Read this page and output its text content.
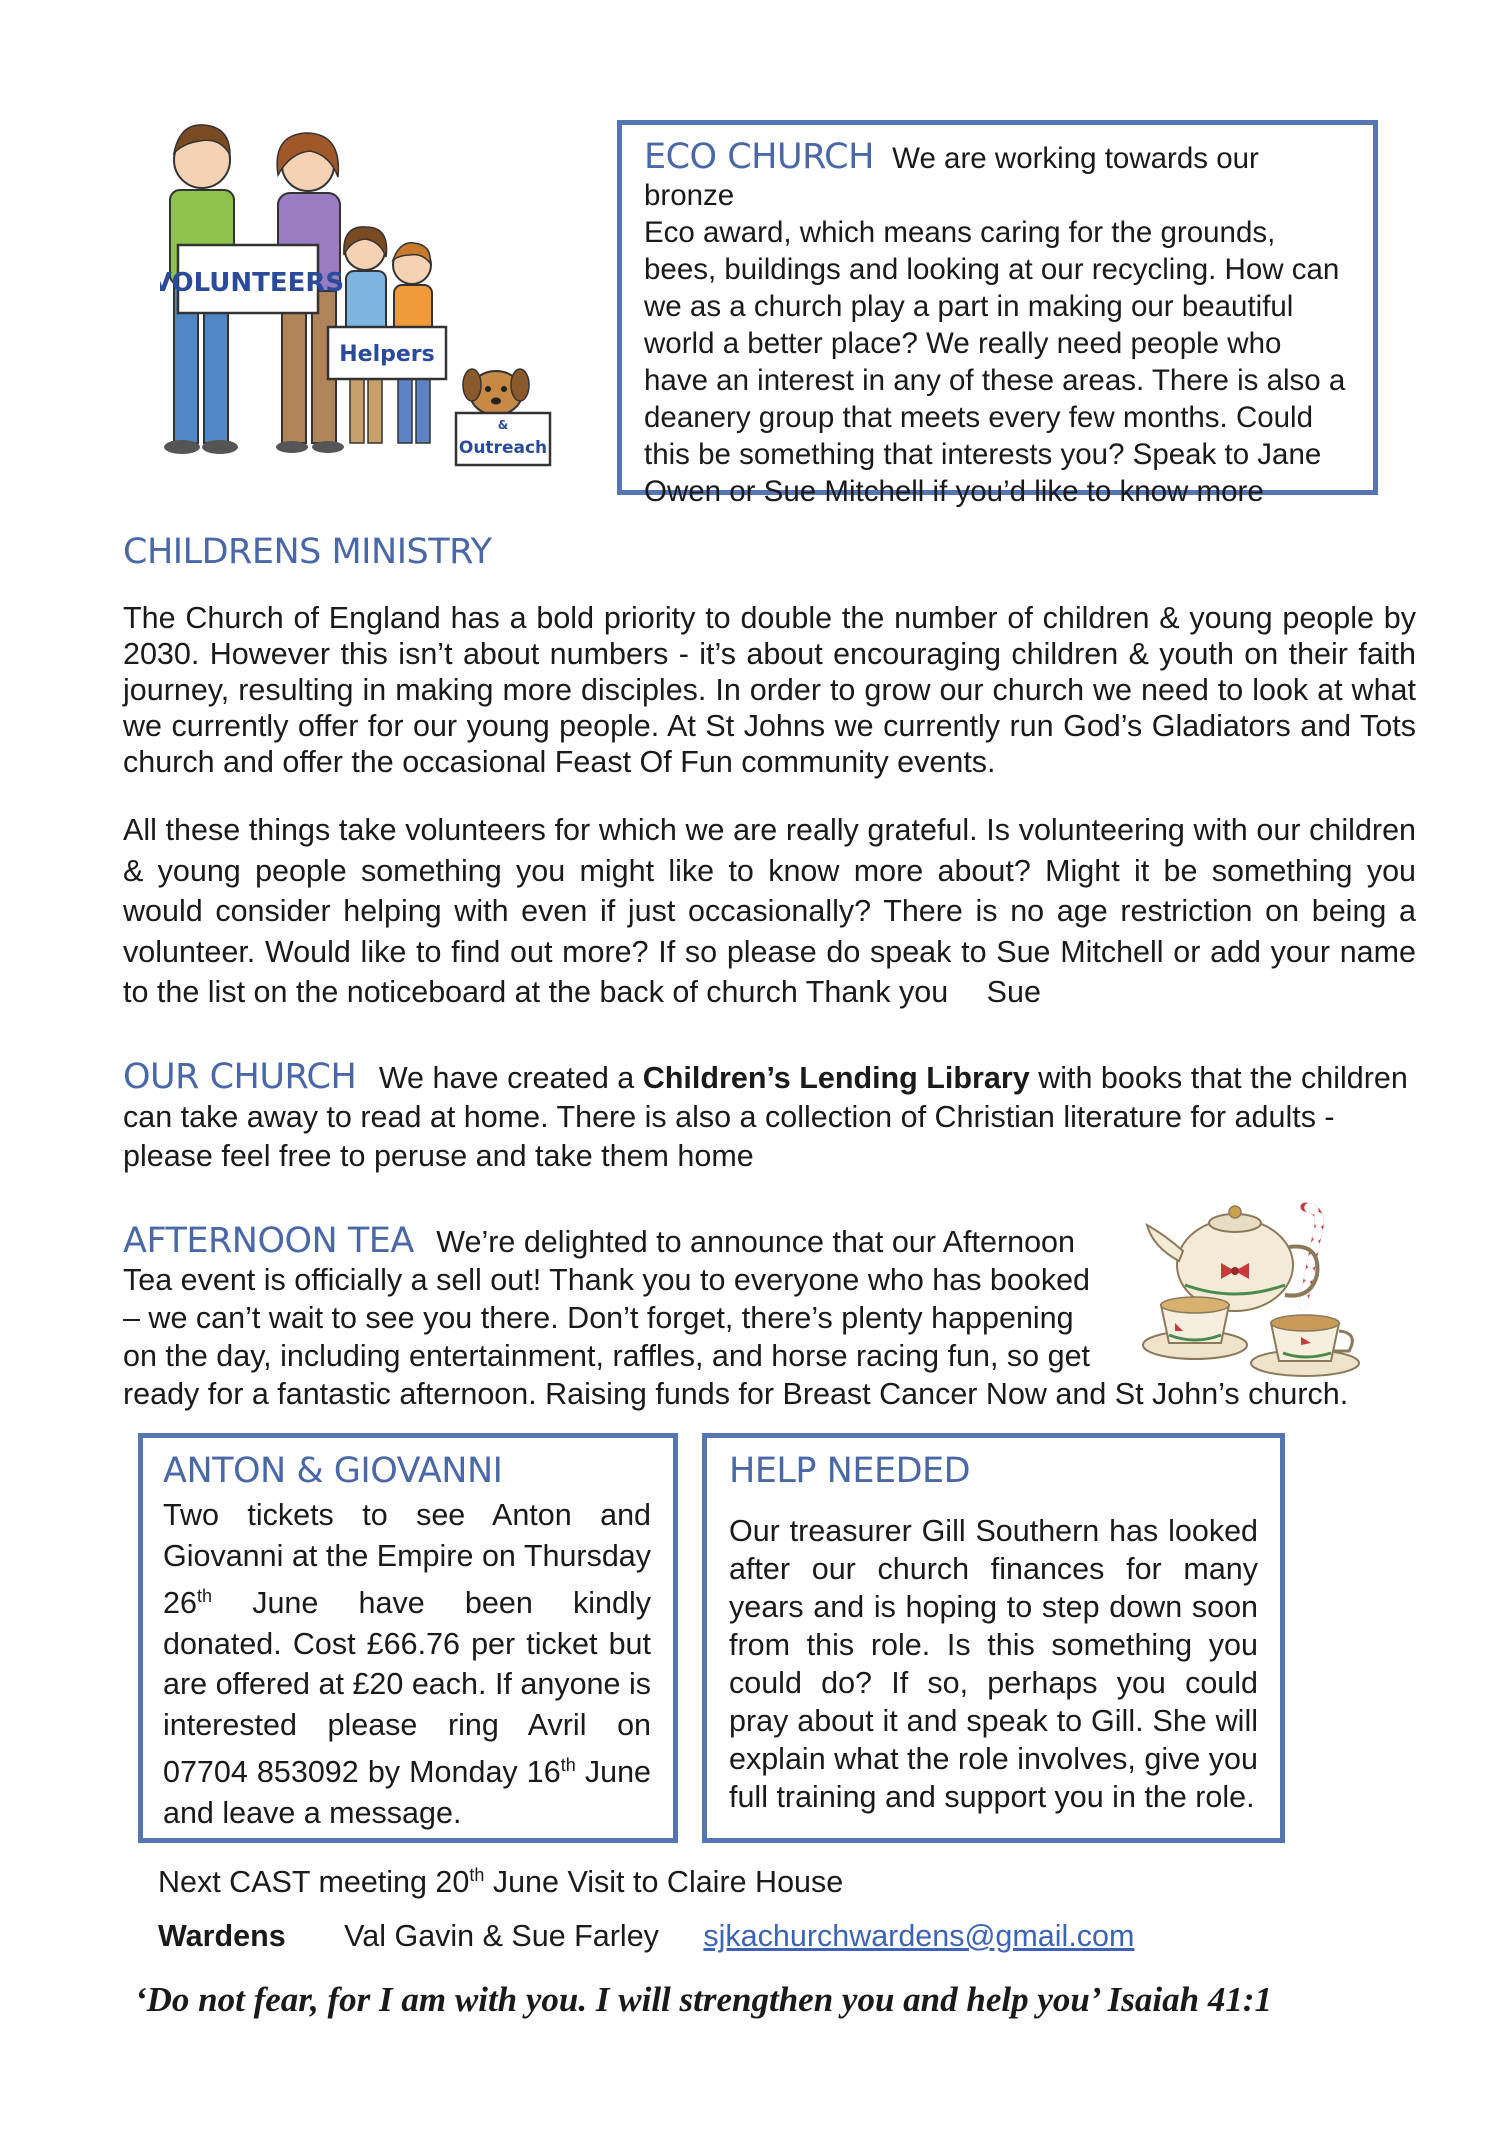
VOLUNTEERS
Helpers
&
Outreach

ECO CHURCH We are working towards our bronze
Eco award, which means caring for the grounds, bees, buildings and looking at our recycling. How can we as a church play a part in making our beautiful world a better place? We really need people who have an interest in any of these areas. There is also a deanery group that meets every few months. Could this be something that interests you? Speak to Jane Owen or Sue Mitchell if you’d like to know more

CHILDRENS MINISTRY

The Church of England has a bold priority to double the number of children & young people by 2030. However this isn’t about numbers - it’s about encouraging children & youth on their faith journey, resulting in making more disciples. In order to grow our church we need to look at what we currently offer for our young people. At St Johns we currently run God’s Gladiators and Tots church and offer the occasional Feast Of Fun community events.

All these things take volunteers for which we are really grateful. Is volunteering with our children & young people something you might like to know more about? Might it be something you would consider helping with even if just occasionally? There is no age restriction on being a volunteer. Would like to find out more? If so please do speak to Sue Mitchell or add your name to the list on the noticeboard at the back of church Thank you Sue

OUR CHURCH We have created a Children’s Lending Library with books that the children can take away to read at home. There is also a collection of Christian literature for adults - please feel free to peruse and take them home

AFTERNOON TEA We’re delighted to announce that our Afternoon
Tea event is officially a sell out! Thank you to everyone who has booked
– we can’t wait to see you there. Don’t forget, there’s plenty happening
on the day, including entertainment, raffles, and horse racing fun, so get
ready for a fantastic afternoon. Raising funds for Breast Cancer Now and St John’s church.
ANTON & GIOVANNI

Two tickets to see Anton and Giovanni at the Empire on Thursday 26th June have been kindly donated. Cost £66.76 per ticket but are offered at £20 each. If anyone is interested please ring Avril on 07704 853092 by Monday 16th June and leave a message.

HELP NEEDED

Our treasurer Gill Southern has looked after our church finances for many years and is hoping to step down soon from this role. Is this something you could do? If so, perhaps you could pray about it and speak to Gill. She will explain what the role involves, give you full training and support you in the role.

Next CAST meeting 20th June Visit to Claire House

Wardens Val Gavin & Sue Farley sjkachurchwardens@gmail.com
‘Do not fear, for I am with you. I will strengthen you and help you’ Isaiah 41:1
